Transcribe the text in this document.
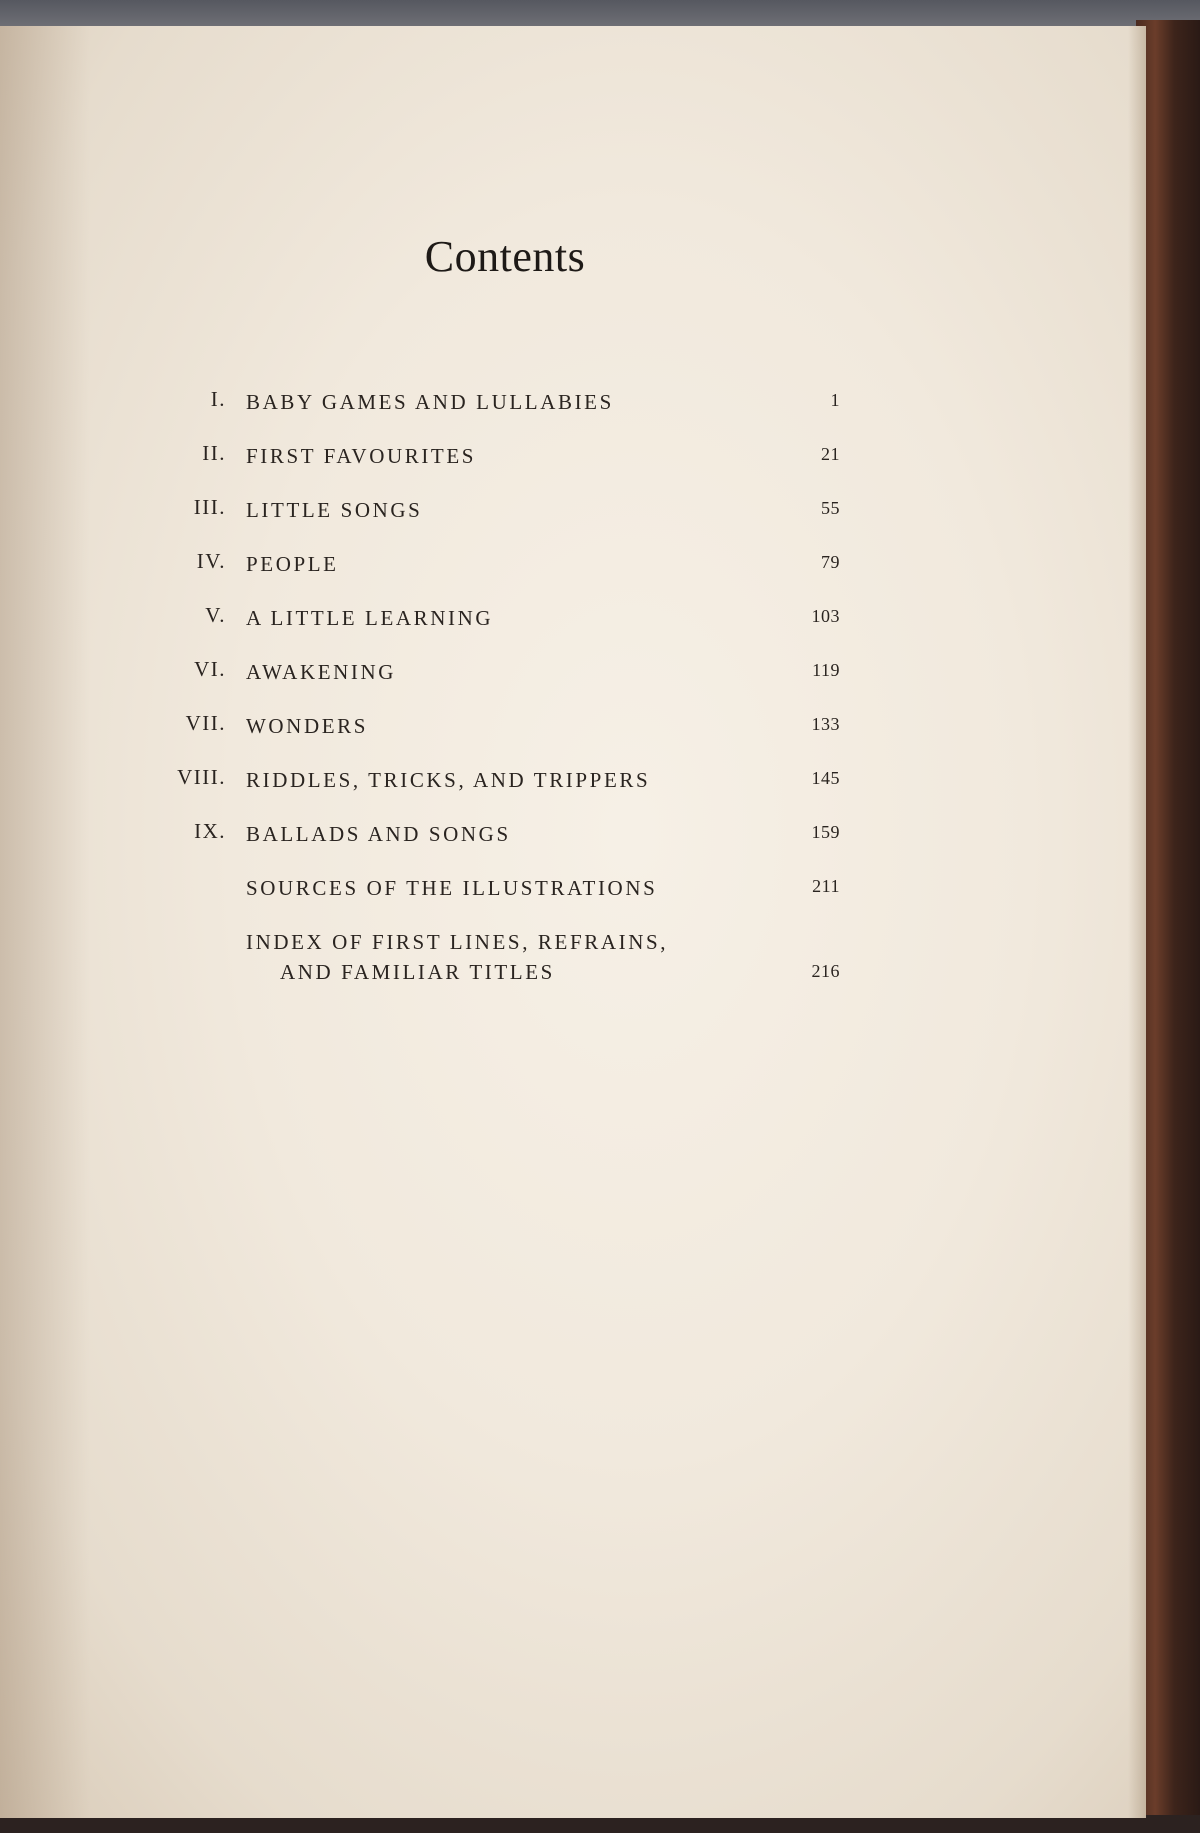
Contents
I. BABY GAMES AND LULLABIES	1
II. FIRST FAVOURITES	21
III. LITTLE SONGS	55
IV. PEOPLE	79
V. A LITTLE LEARNING	103
VI. AWAKENING	119
VII. WONDERS	133
VIII. RIDDLES, TRICKS, AND TRIPPERS	145
IX. BALLADS AND SONGS	159
SOURCES OF THE ILLUSTRATIONS	211
INDEX OF FIRST LINES, REFRAINS,
AND FAMILIAR TITLES	216
